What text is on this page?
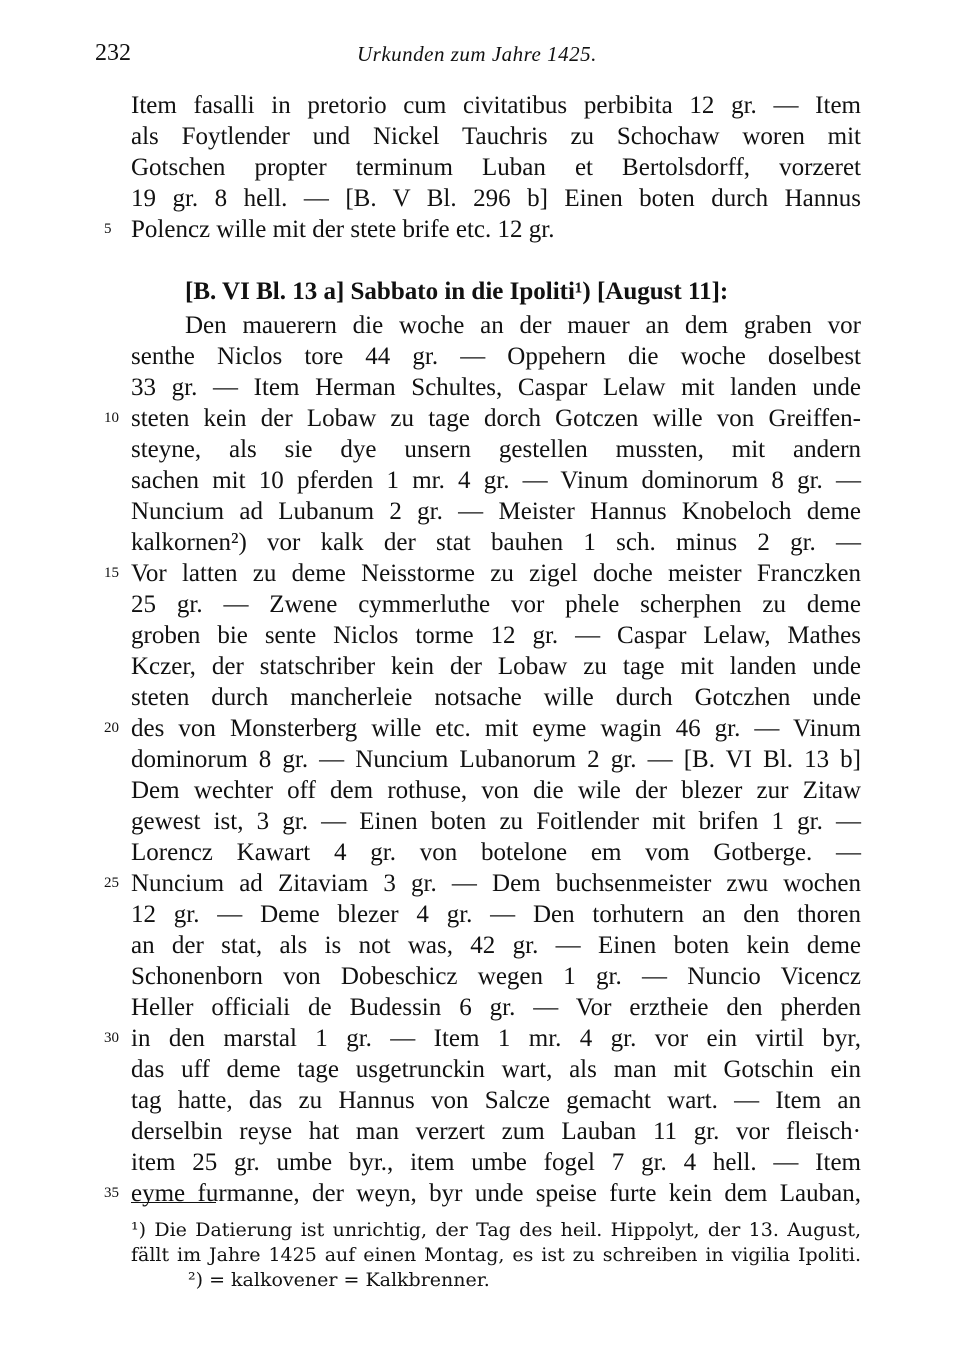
232	Urkunden zum Jahre 1425.
Item fasalli in pretorio cum civitatibus perbibita 12 gr. — Item
als Foytlender und Nickel Tauchris zu Schochaw woren mit
Gotschen propter terminum Luban et Bertolsdorff, vorzeret
19 gr. 8 hell. — [B. V Bl. 296 b] Einen boten durch Hannus
Polencz wille mit der stete brife etc. 12 gr.
[B. VI Bl. 13 a] Sabbato in die Ipoliti¹) [August 11]:
Den mauerern die woche an der mauer an dem graben vor
senthe Niclos tore 44 gr. — Oppehern die woche doselbest
33 gr. — Item Herman Schultes, Caspar Lelaw mit landen unde
steten kein der Lobaw zu tage dorch Gotczen wille von Greiffen-
steyne, als sie dye unsern gestellen mussten, mit andern
sachen mit 10 pferden 1 mr. 4 gr. — Vinum dominorum 8 gr. —
Nuncium ad Lubanum 2 gr. — Meister Hannus Knobeloch deme
kalkornen²) vor kalk der stat bauhen 1 sch. minus 2 gr. —
Vor latten zu deme Neisstorme zu zigel doche meister Franczken
25 gr. — Zwene cymmerluthe vor phele scherphen zu deme
groben bie sente Niclos torme 12 gr. — Caspar Lelaw, Mathes
Kczer, der statschriber kein der Lobaw zu tage mit landen unde
steten durch mancherleie notsache wille durch Gotczhen unde
des von Monsterberg wille etc. mit eyme wagin 46 gr. — Vinum
dominorum 8 gr. — Nuncium Lubanorum 2 gr. — [B. VI Bl. 13 b]
Dem wechter off dem rothuse, von die wile der blezer zur Zitaw
gewest ist, 3 gr. — Einen boten zu Foitlender mit brifen 1 gr. —
Lorencz Kawart 4 gr. von botelone em vom Gotberge. —
Nuncium ad Zitaviam 3 gr. — Dem buchsenmeister zwu wochen
12 gr. — Deme blezer 4 gr. — Den torhutern an den thoren
an der stat, als is not was, 42 gr. — Einen boten kein deme
Schonenborn von Dobeschicz wegen 1 gr. — Nuncio Vicencz
Heller officiali de Budessin 6 gr. — Vor erztheie den pherden
in den marstal 1 gr. — Item 1 mr. 4 gr. vor ein virtil byr,
das uff deme tage usgetrunckin wart, als man mit Gotschin ein
tag hatte, das zu Hannus von Salcze gemacht wart. — Item an
derselbin reyse hat man verzert zum Lauban 11 gr. vor fleisch·
item 25 gr. umbe byr., item umbe fogel 7 gr. 4 hell. — Item
eyme furmanne, der weyn, byr unde speise furte kein dem Lauban,
5
10
15
20
25
30
35
¹) Die Datierung ist unrichtig, der Tag des heil. Hippolyt, der 13. August,
fällt im Jahre 1425 auf einen Montag, es ist zu schreiben in vigilia Ipoliti.
²) = kalkovener = Kalkbrenner.
